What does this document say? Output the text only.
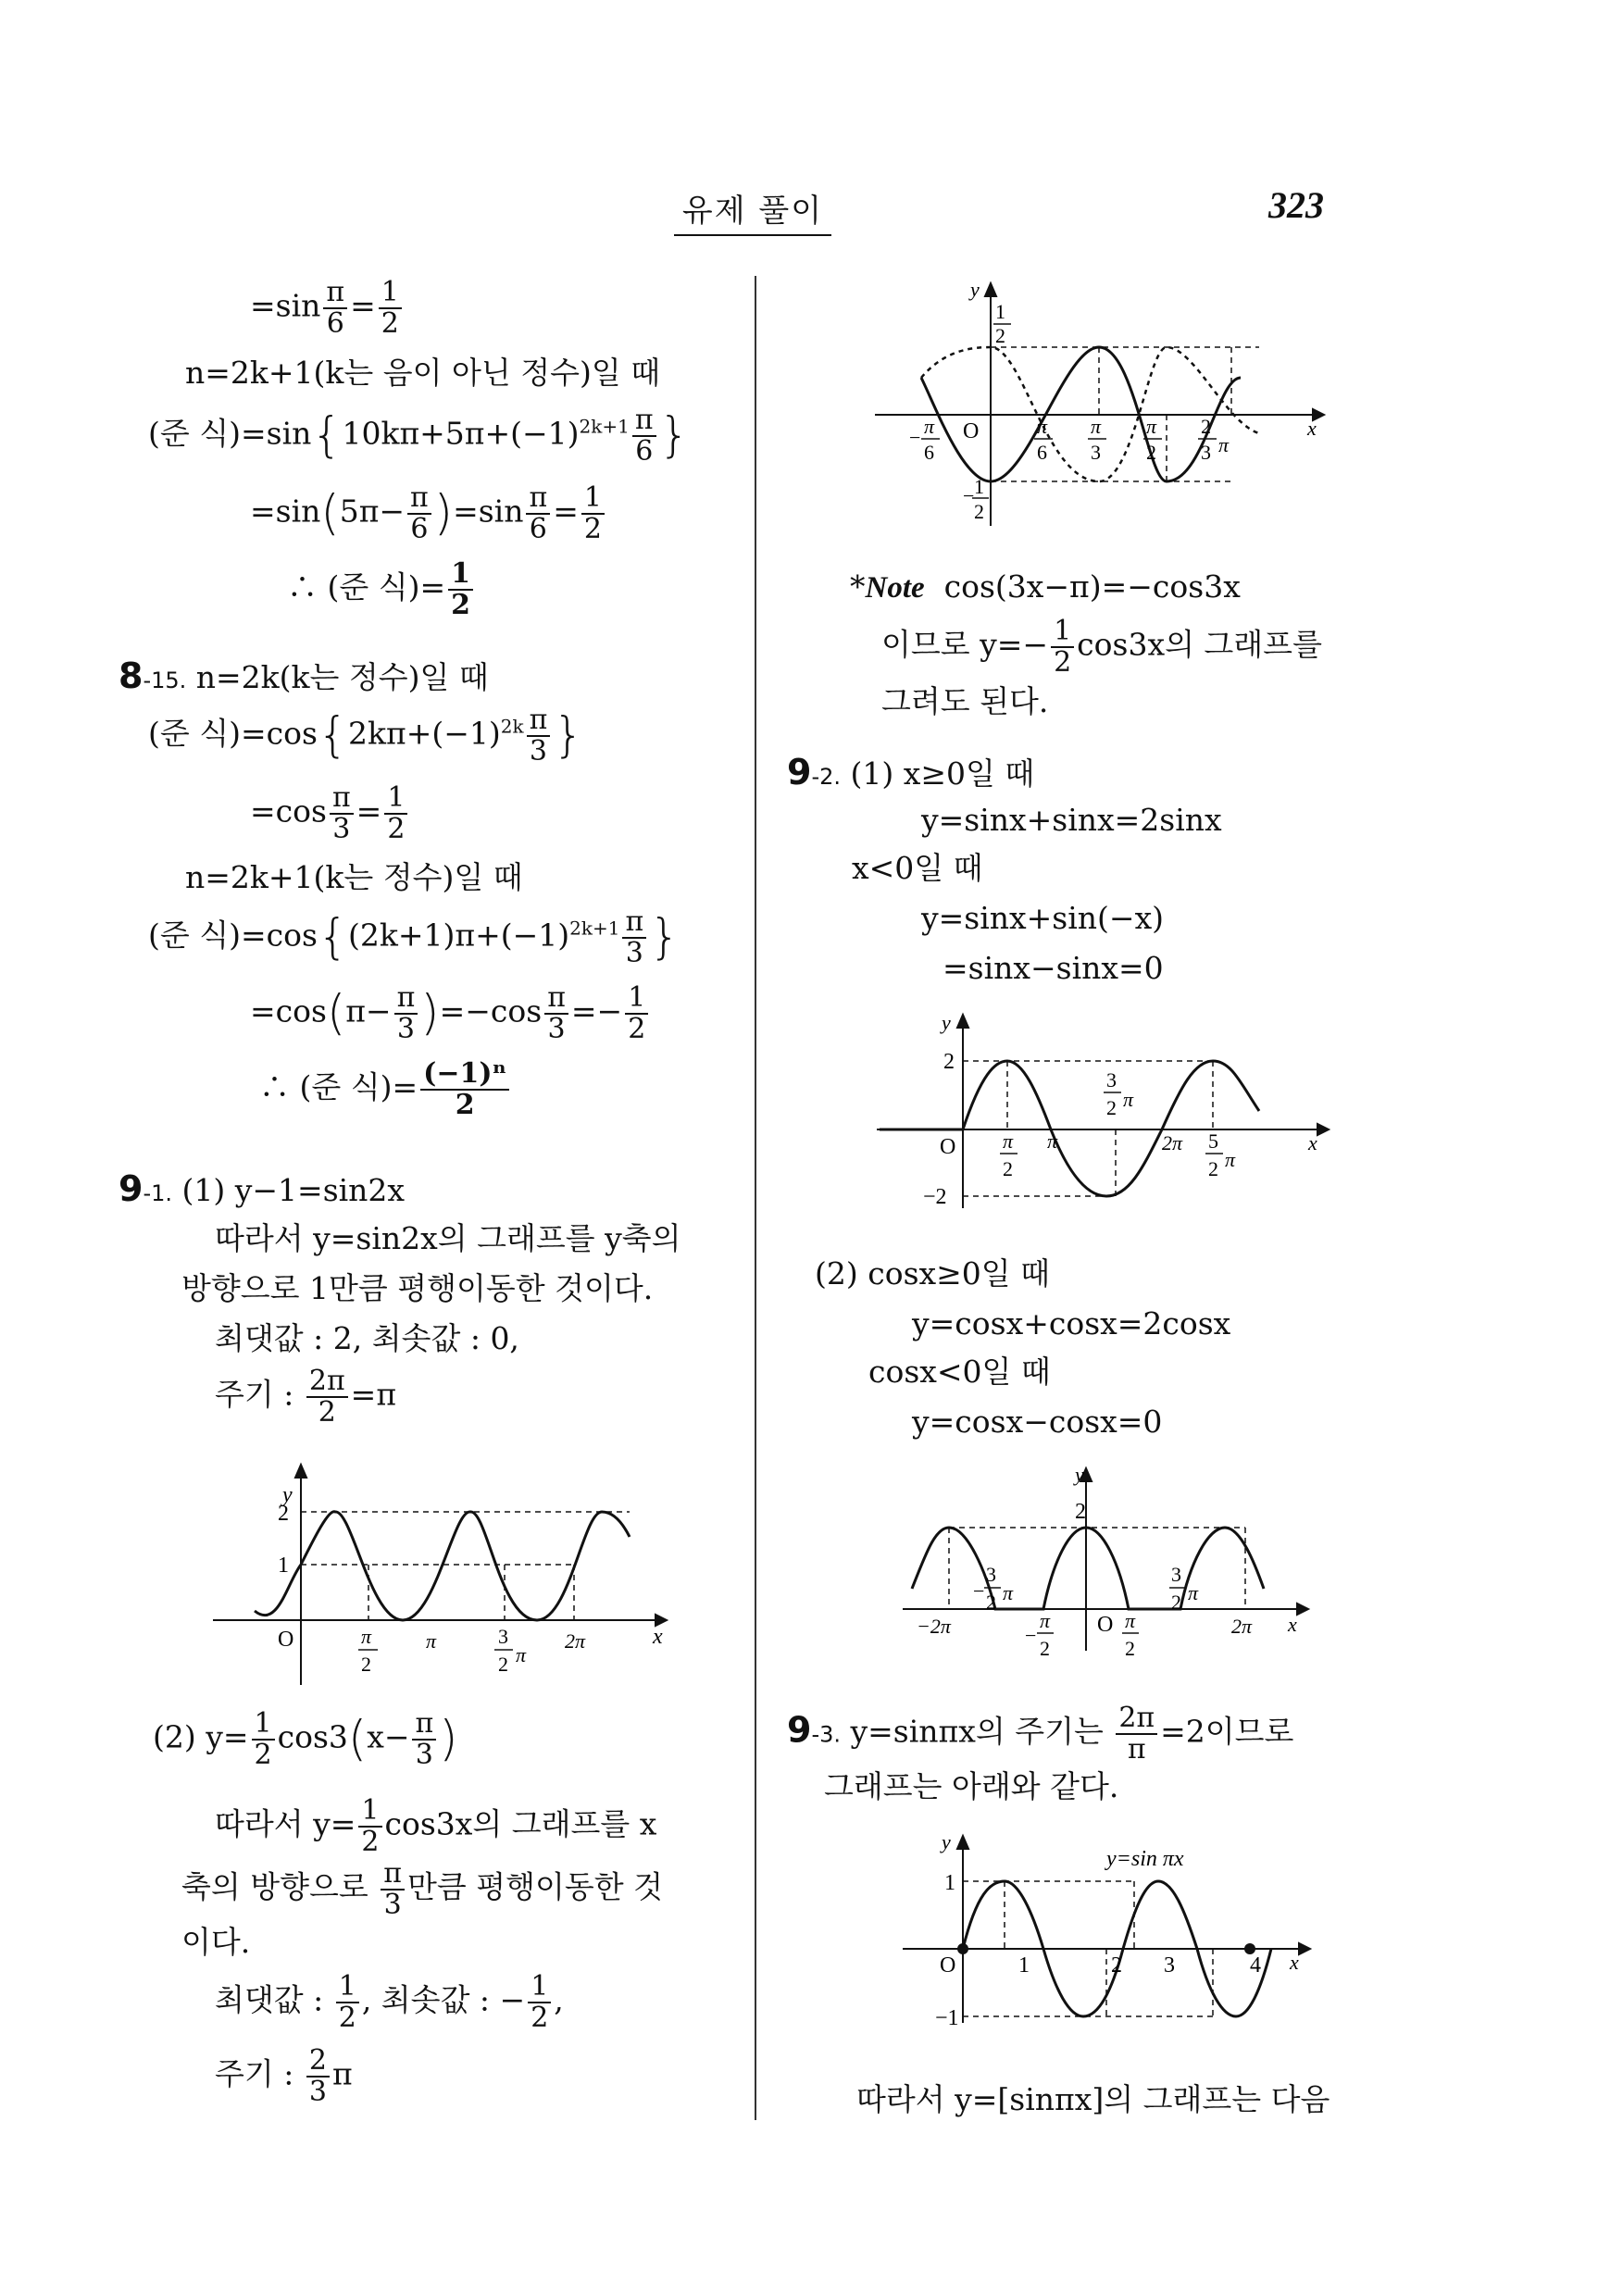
유제 풀이	323
$=\sin \frac{\pi}{6} = \frac{1}{2}$
n=2k+1(k는 음이 아닌 정수)일 때
(준 식)$=\sin\{10k\pi+5\pi+(-1)^{2k+1} \frac{\pi}{6}$ }
$=\sin(5\pi- \frac{\pi}{6} )=\sin \frac{\pi}{6} = \frac{1}{2}$
∴ (준 식)= $\frac{1}{2}$
8-15. n=2k(k는 정수)일 때
(준 식)$=\cos\{2k\pi+(-1)^{2k} \frac{\pi}{3}$ }
$=\cos \frac{\pi}{3} = \frac{1}{2}$
n=2k+1(k는 정수)일 때
(준 식)$=\cos\{(2k+1)\pi+(-1)^{2k+1} \frac{\pi}{3}$ }
$=\cos(\pi- \frac{\pi}{3} )=-\cos \frac{\pi}{3} =- \frac{1}{2}$
∴ (준 식)= $\frac{\text{(−1)ⁿ}}{2}$
9-1. (1) y−1=sin2x
따라서 y=sin2x의 그래프를 y축의
방향으로 1만큼 평행이동한 것이다.
최댓값 : 2, 최솟값 : 0,
주기 : $\frac{2\pi}{2} =\pi$
y
x
2
1
O	π
2
π	3
2 π
2π
(2) $y= \frac{1}{2} \cos 3(x- \frac{\pi}{3}$ )
따라서 $y= \frac{1}{2} \cos 3x$의 그래프를 x
축의 방향으로 $\frac{\pi}{3}$ 만큼 평행이동한 것
이다.
최댓값 : $\frac{1}{2}$ , 최솟값 : − $\frac{1}{2}$ ,
주기 : $\frac{2}{3}$ π
y
x
1
2
− 1
2
O
− π
6
π
6
π
3
π
2
2
3 π
*Note cos(3x−π)=−cos3x
이므로 $y=- \frac{1}{2} \cos 3x$의 그래프를
그려도 된다.
9-2. (1) x≥0일 때
y=sinx+sinx=2sinx
x<0일 때
y=sinx+sin(−x)
=sinx−sinx=0
y
x
2
−2
O π
2
π
3
2 π
2π 5
2 π
(2) cosx≥0일 때
y=cosx+cosx=2cosx
cosx<0일 때
y=cosx−cosx=0
y
x
2
O
−2π	2π
−
3
2 π
3
2 π
−
π
2
π
2
9-3. y=sinπx의 주기는 $\frac{2\pi}{\pi} =2$이므로
그래프는 아래와 같다.
y
x
1
−1
O	1	2 3	4
y=sin πx
따라서 y=[sinπx]의 그래프는 다음
